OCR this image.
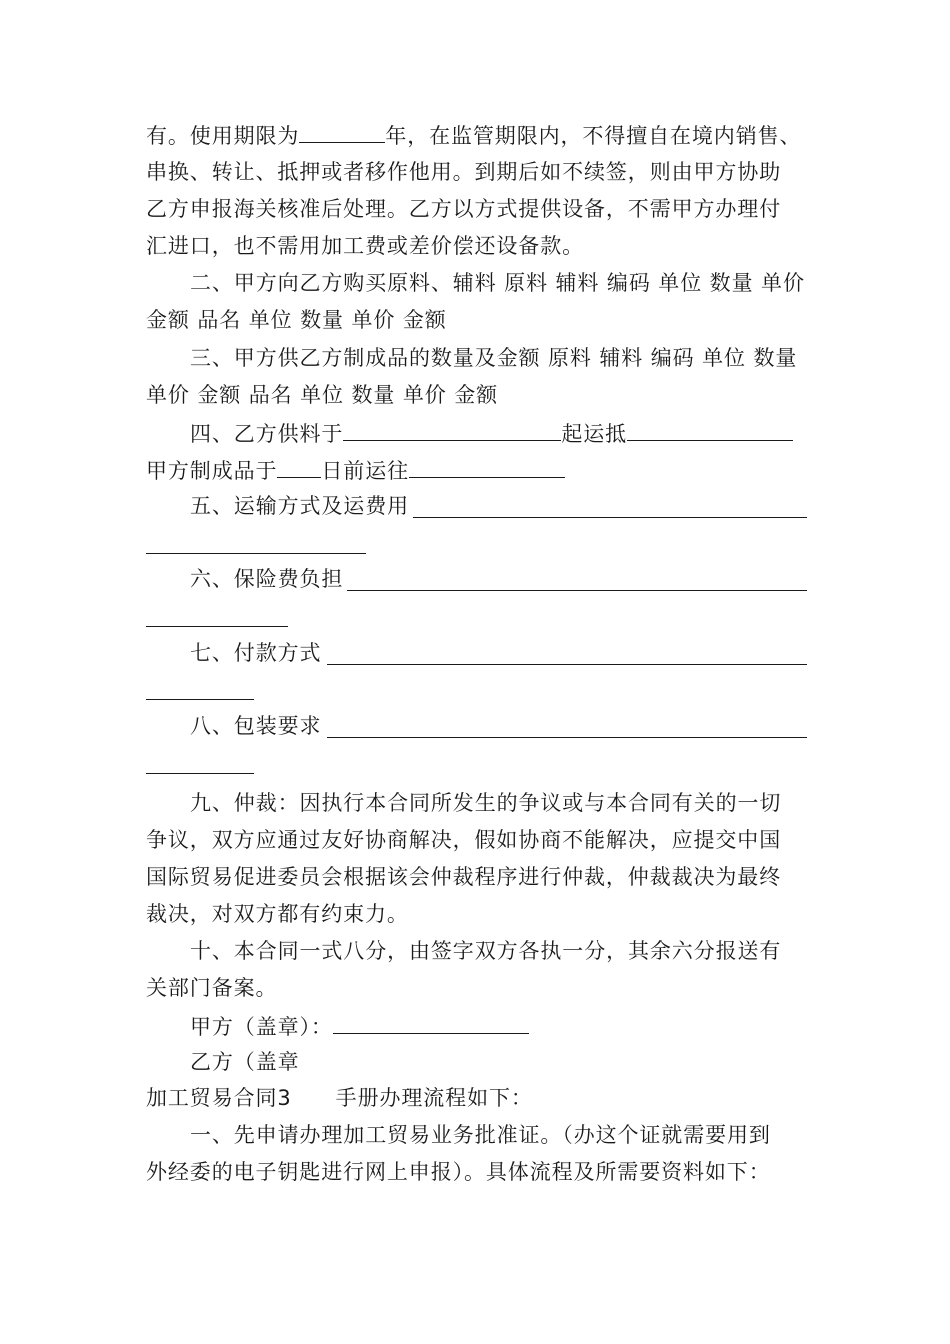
有。使用期限为	年，在监管期限内，不得擅自在境内销售、
串换、转让、抵押或者移作他用。到期后如不续签，则由甲方协助
乙方申报海关核准后处理。乙方以方式提供设备，不需甲方办理付
汇进口，也不需用加工费或差价偿还设备款。
二、甲方向乙方购买原料、辅料 原料 辅料 编码 单位 数量 单价
金额 品名 单位 数量 单价 金额
三、甲方供乙方制成品的数量及金额 原料 辅料 编码 单位 数量
单价 金额 品名 单位 数量 单价 金额
四、乙方供料于	起运抵
甲方制成品于 日前运往
五、运输方式及运费用
六、保险费负担
七、付款方式
八、包装要求
九、仲裁：因执行本合同所发生的争议或与本合同有关的一切
争议，双方应通过友好协商解决，假如协商不能解决，应提交中国
国际贸易促进委员会根据该会仲裁程序进行仲裁，仲裁裁决为最终
裁决，对双方都有约束力。
十、本合同一式八分，由签字双方各执一分，其余六分报送有
关部门备案。
甲方（盖章）：
乙方（盖章
加工贸易合同3 手册办理流程如下：
一、先申请办理加工贸易业务批准证。（办这个证就需要用到
外经委的电子钥匙进行网上申报）。具体流程及所需要资料如下：
